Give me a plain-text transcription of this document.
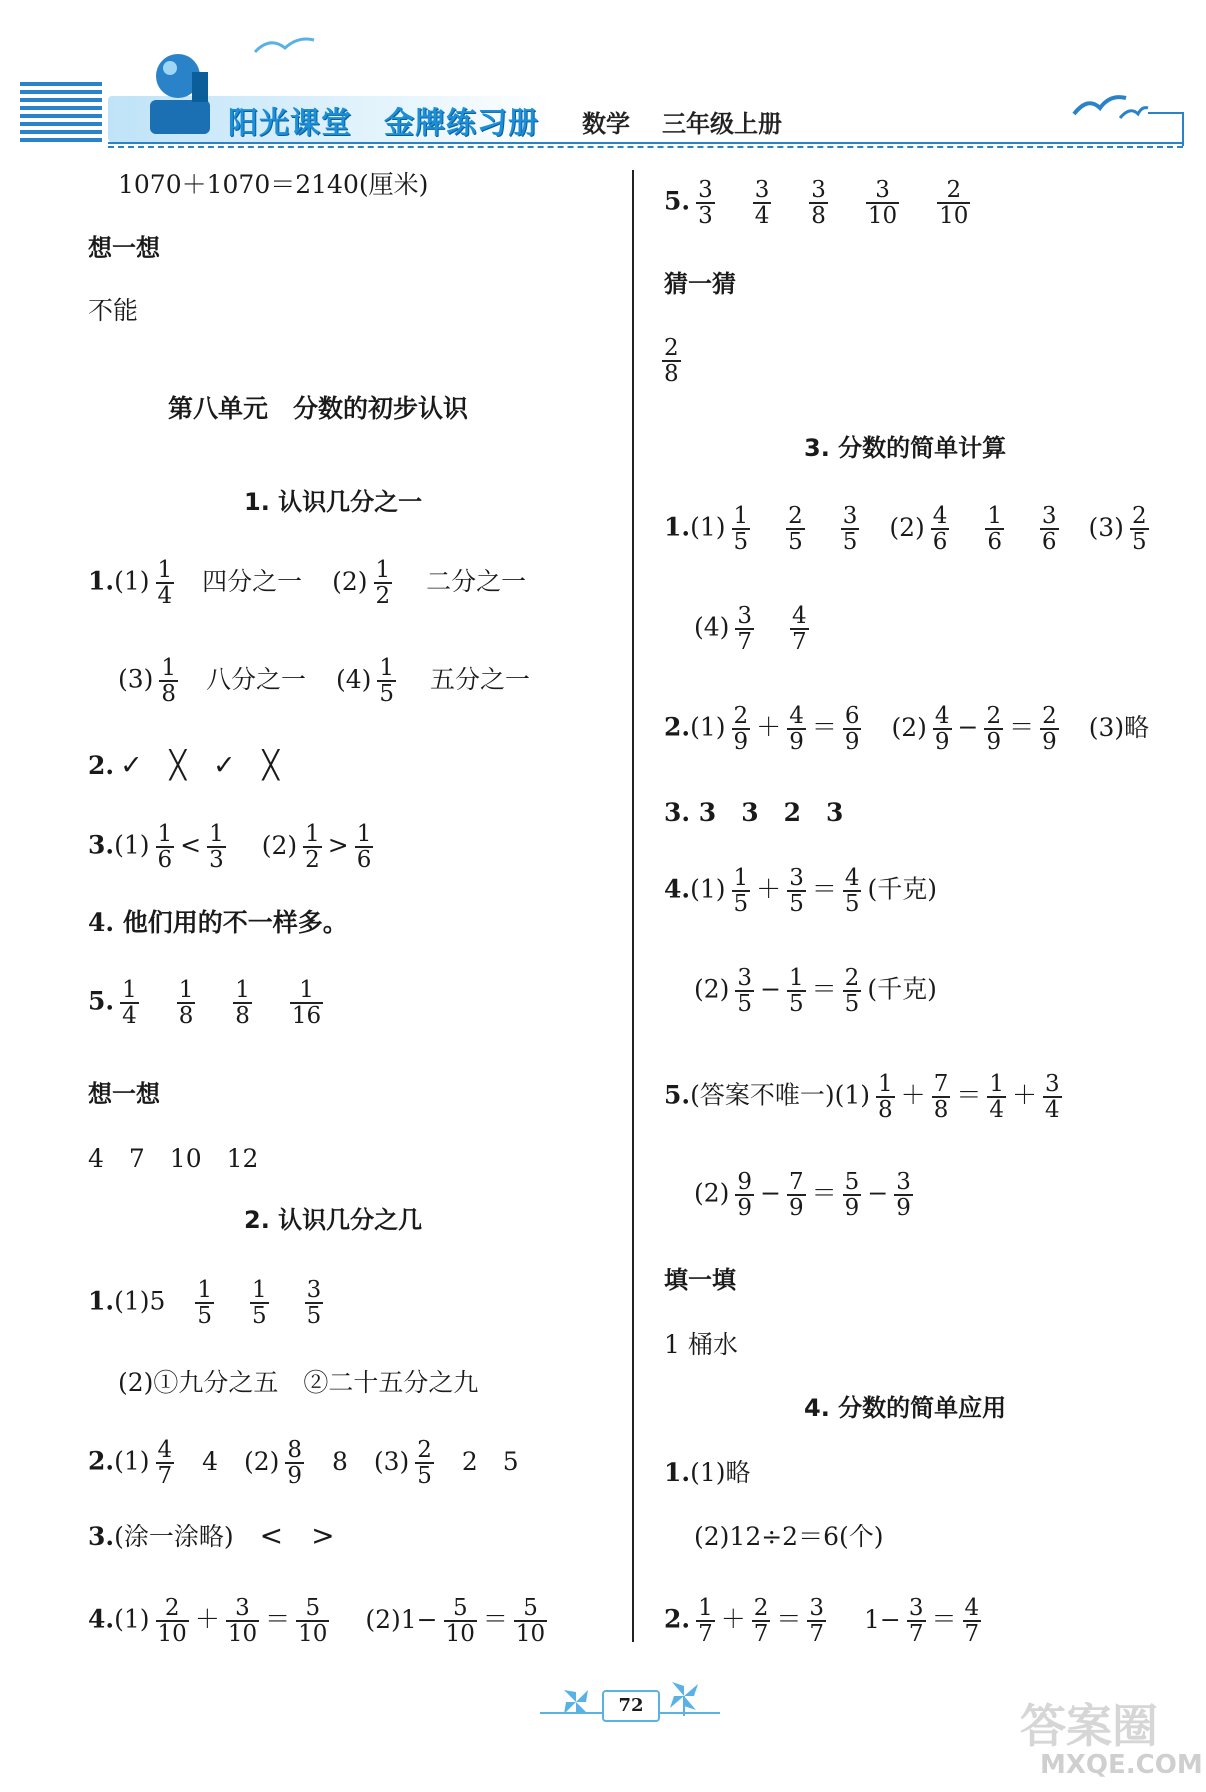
阳光课堂 金牌练习册 数学 三年级上册
1070＋1070＝2140(厘米)
想一想
不能
第八单元　分数的初步认识
1. 认识几分之一
$1.(1) \frac{1}{4}$ 四分之一 $(2) \frac{1}{2}$ 二分之一
$(3) \frac{1}{8}$ 八分之一 $(4) \frac{1}{5}$ 五分之一
2. ✓　╳　✓　╳
$3.(1) \frac{1}{6} < \frac{1}{3} (2) \frac{1}{2} > \frac{1}{6}$
4. 他们用的不一样多。
5. $\frac{1}{4}$
$\frac{1}{8}$
$\frac{1}{8}$
$\frac{1}{16}$
想一想
4　7　10　12
2. 认识几分之几
$1.(1)5 \frac{1}{5}$
$\frac{1}{5}$
$\frac{3}{5}$
(2)①九分之五　②二十五分之九
$2.(1) \frac{4}{7} 4$ $(2) \frac{8}{9} 8$ $(3) \frac{2}{5} 2$　5
3.(涂一涂略) <　>
$4.(1) \frac{2}{10} + \frac{3}{10} = \frac{5}{10} (2)1- \frac{5}{10} = \frac{5}{10}$
5. $\frac{3}{3}$
$\frac{3}{4}$
$\frac{3}{8}$
$\frac{3}{10}$
$\frac{2}{10}$
猜一猜
$\frac{2}{8}$
3. 分数的简单计算
$1.(1) \frac{1}{5}$
$\frac{2}{5}$
$\frac{3}{5} (2) \frac{4}{6}$
$\frac{1}{6}$
$\frac{3}{6} (3) \frac{2}{5}$
$(4) \frac{3}{7}$
$\frac{4}{7}$
$2.(1) \frac{2}{9} + \frac{4}{9} = \frac{6}{9} (2) \frac{4}{9} - \frac{2}{9} = \frac{2}{9} (3)$略
3. 3　3　2　3
$4.(1) \frac{1}{5} + \frac{3}{5} = \frac{4}{5}$ (千克)
$(2) \frac{3}{5} - \frac{1}{5} = \frac{2}{5}$ (千克)
5.(答案不唯一)$(1) \frac{1}{8} + \frac{7}{8} = \frac{1}{4} + \frac{3}{4}$
$(2) \frac{9}{9} - \frac{7}{9} = \frac{5}{9} - \frac{3}{9}$
填一填
1 桶水
4. 分数的简单应用
1.(1)略
(2)12÷2＝6(个)
2. $\frac{1}{7} + \frac{2}{7} = \frac{3}{7} 1- \frac{3}{7} = \frac{4}{7}$
72	答案圈
MXQE.COM
